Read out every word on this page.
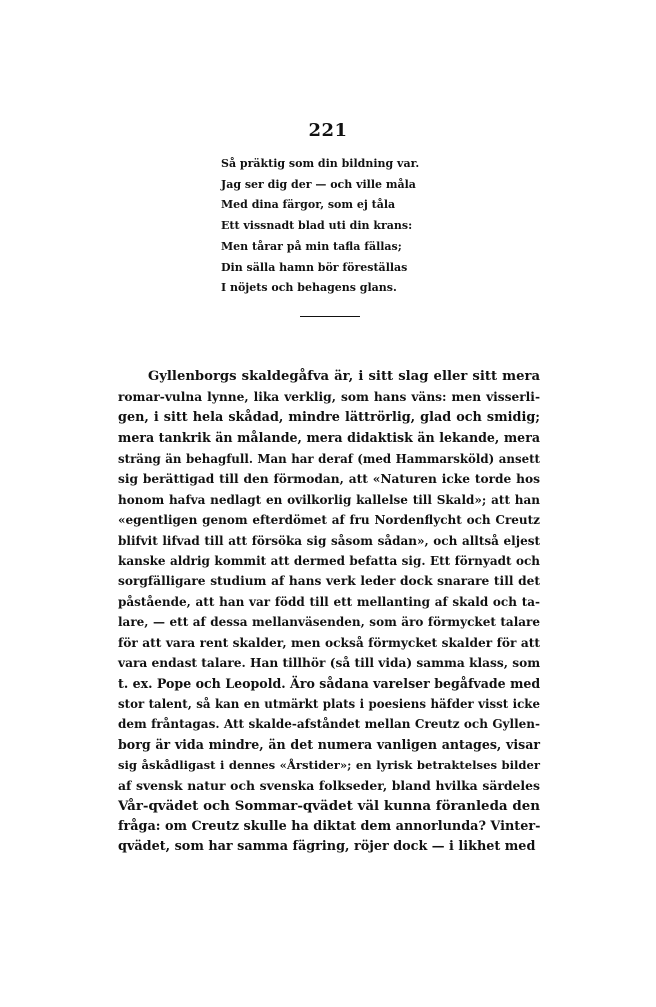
221
Så präktig som din bildning var.
Jag ser dig der — och ville måla
Med dina färgor, som ej tåla
Ett vissnadt blad uti din krans:
Men tårar på min tafla fällas;
Din sälla hamn bör föreställas
I nöjets och behagens glans.
Gyllenborgs skaldegåfva är, i sitt slag eller sitt mera
romar-vulna lynne, lika verklig, som hans väns: men visserli-
gen, i sitt hela skådad, mindre lättrörlig, glad och smidig;
mera tankrik än målande, mera didaktisk än lekande, mera
sträng än behagfull. Man har deraf (med Hammarsköld) ansett
sig berättigad till den förmodan, att «Naturen icke torde hos
honom hafva nedlagt en ovilkorlig kallelse till Skald»; att han
«egentligen genom efterdömet af fru Nordenflycht och Creutz
blifvit lifvad till att försöka sig såsom sådan», och alltså eljest
kanske aldrig kommit att dermed befatta sig. Ett förnyadt och
sorgfälligare studium af hans verk leder dock snarare till det
påstående, att han var född till ett mellanting af skald och ta-
lare, — ett af dessa mellanväsenden, som äro förmycket talare
för att vara rent skalder, men också förmycket skalder för att
vara endast talare. Han tillhör (så till vida) samma klass, som
t. ex. Pope och Leopold. Äro sådana varelser begåfvade med
stor talent, så kan en utmärkt plats i poesiens häfder visst icke
dem fråntagas. Att skalde-afståndet mellan Creutz och Gyllen-
borg är vida mindre, än det numera vanligen antages, visar
sig åskådligast i dennes «Årstider»; en lyrisk betraktelses bilder
af svensk natur och svenska folkseder, bland hvilka särdeles
Vår-qvädet och Sommar-qvädet väl kunna föranleda den
fråga: om Creutz skulle ha diktat dem annorlunda? Vinter-
qvädet, som har samma fägring, röjer dock — i likhet med
